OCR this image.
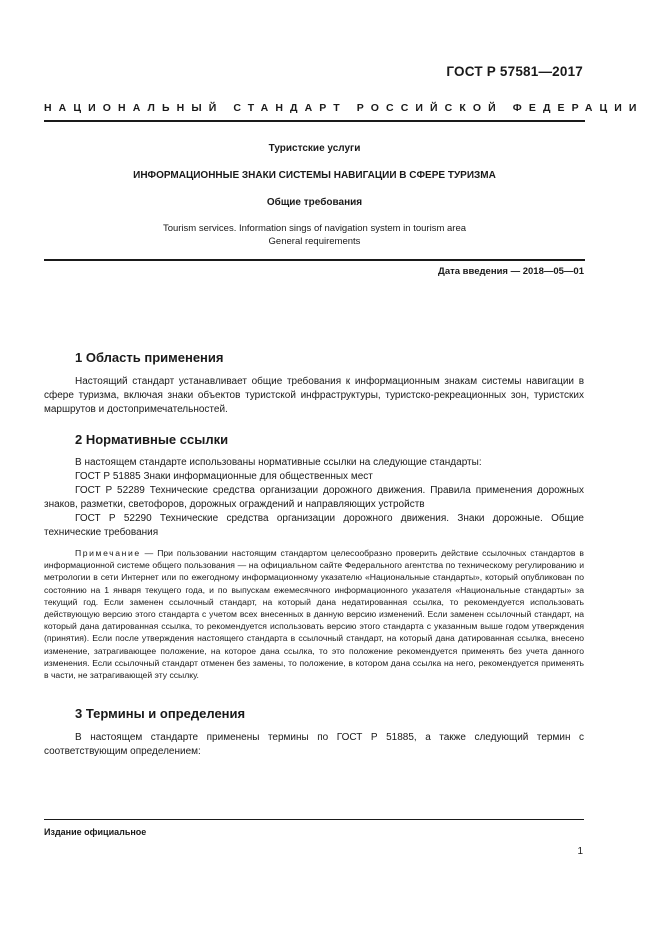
ГОСТ Р 57581—2017
НАЦИОНАЛЬНЫЙ СТАНДАРТ РОССИЙСКОЙ ФЕДЕРАЦИИ
Туристские услуги
ИНФОРМАЦИОННЫЕ ЗНАКИ СИСТЕМЫ НАВИГАЦИИ В СФЕРЕ ТУРИЗМА
Общие требования
Tourism services. Information sings of navigation system in tourism area
General requirements
Дата введения — 2018—05—01
1 Область применения
Настоящий стандарт устанавливает общие требования к информационным знакам системы навигации в сфере туризма, включая знаки объектов туристской инфраструктуры, туристско-рекреационных зон, туристских маршрутов и достопримечательностей.
2 Нормативные ссылки
В настоящем стандарте использованы нормативные ссылки на следующие стандарты:
ГОСТ Р 51885 Знаки информационные для общественных мест
ГОСТ Р 52289 Технические средства организации дорожного движения. Правила применения дорожных знаков, разметки, светофоров, дорожных ограждений и направляющих устройств
ГОСТ Р 52290 Технические средства организации дорожного движения. Знаки дорожные. Общие технические требования
Примечание — При пользовании настоящим стандартом целесообразно проверить действие ссылочных стандартов в информационной системе общего пользования — на официальном сайте Федерального агентства по техническому регулированию и метрологии в сети Интернет или по ежегодному информационному указателю «Национальные стандарты», который опубликован по состоянию на 1 января текущего года, и по выпускам ежемесячного информационного указателя «Национальные стандарты» за текущий год. Если заменен ссылочный стандарт, на который дана недатированная ссылка, то рекомендуется использовать действующую версию этого стандарта с учетом всех внесенных в данную версию изменений. Если заменен ссылочный стандарт, на который дана датированная ссылка, то рекомендуется использовать версию этого стандарта с указанным выше годом утверждения (принятия). Если после утверждения настоящего стандарта в ссылочный стандарт, на который дана датированная ссылка, внесено изменение, затрагивающее положение, на которое дана ссылка, то это положение рекомендуется применять без учета данного изменения. Если ссылочный стандарт отменен без замены, то положение, в котором дана ссылка на него, рекомендуется применять в части, не затрагивающей эту ссылку.
3 Термины и определения
В настоящем стандарте применены термины по ГОСТ Р 51885, а также следующий термин с соответствующим определением:
Издание официальное
1
